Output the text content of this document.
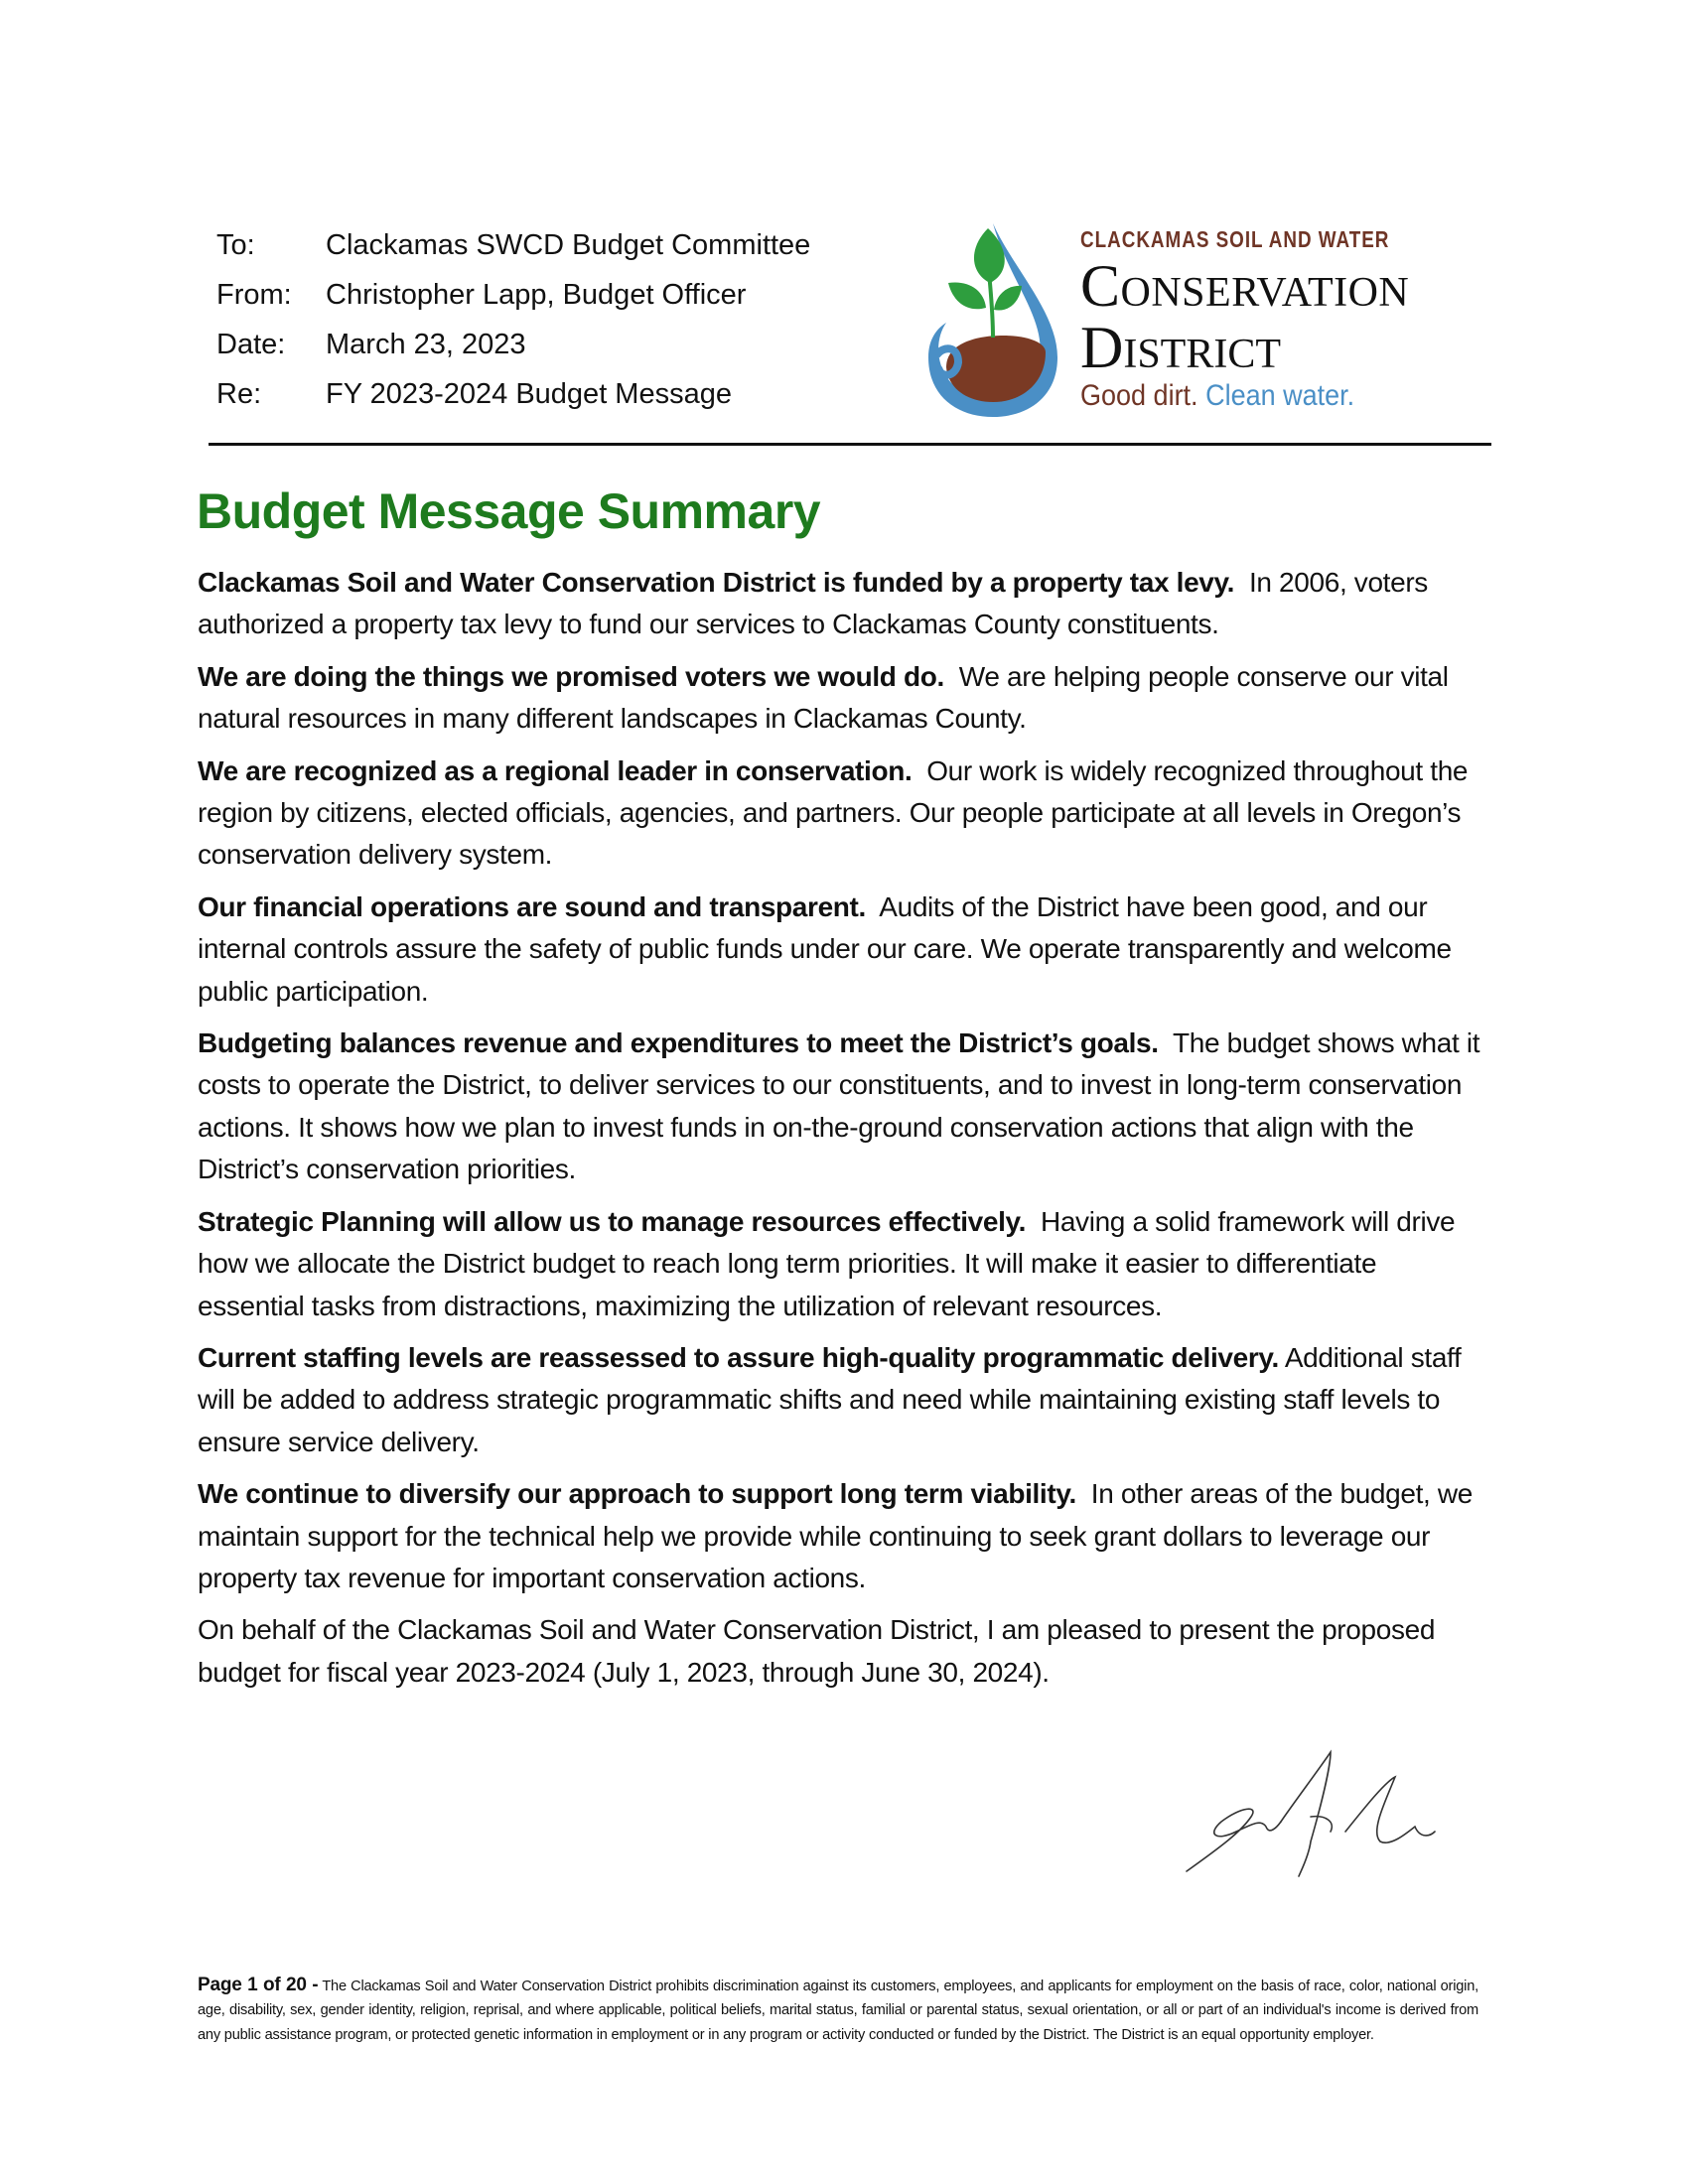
To:	Clackamas SWCD Budget Committee
From:	Christopher Lapp, Budget Officer
Date:	March 23, 2023
Re:	FY 2023-2024 Budget Message
CLACKAMAS SOIL AND WATER
Conservation
District
Good dirt. Clean water.
Budget Message Summary

Clackamas Soil and Water Conservation District is funded by a property tax levy. In 2006, voters authorized a property tax levy to fund our services to Clackamas County constituents.

We are doing the things we promised voters we would do. We are helping people conserve our vital natural resources in many different landscapes in Clackamas County.

We are recognized as a regional leader in conservation. Our work is widely recognized throughout the region by citizens, elected officials, agencies, and partners. Our people participate at all levels in Oregon’s conservation delivery system.

Our financial operations are sound and transparent. Audits of the District have been good, and our internal controls assure the safety of public funds under our care. We operate transparently and welcome public participation.

Budgeting balances revenue and expenditures to meet the District’s goals. The budget shows what it costs to operate the District, to deliver services to our constituents, and to invest in long-term conservation actions. It shows how we plan to invest funds in on-the-ground conservation actions that align with the District’s conservation priorities.

Strategic Planning will allow us to manage resources effectively. Having a solid framework will drive how we allocate the District budget to reach long term priorities. It will make it easier to differentiate essential tasks from distractions, maximizing the utilization of relevant resources.

Current staffing levels are reassessed to assure high-quality programmatic delivery. Additional staff will be added to address strategic programmatic shifts and need while maintaining existing staff levels to ensure service delivery.

We continue to diversify our approach to support long term viability. In other areas of the budget, we maintain support for the technical help we provide while continuing to seek grant dollars to leverage our property tax revenue for important conservation actions.

On behalf of the Clackamas Soil and Water Conservation District, I am pleased to present the proposed budget for fiscal year 2023-2024 (July 1, 2023, through June 30, 2024).

Page 1 of 20 - The Clackamas Soil and Water Conservation District prohibits discrimination against its customers, employees, and applicants for employment on the basis of race, color, national origin, age, disability, sex, gender identity, religion, reprisal, and where applicable, political beliefs, marital status, familial or parental status, sexual orientation, or all or part of an individual's income is derived from any public assistance program, or protected genetic information in employment or in any program or activity conducted or funded by the District. The District is an equal opportunity employer.
